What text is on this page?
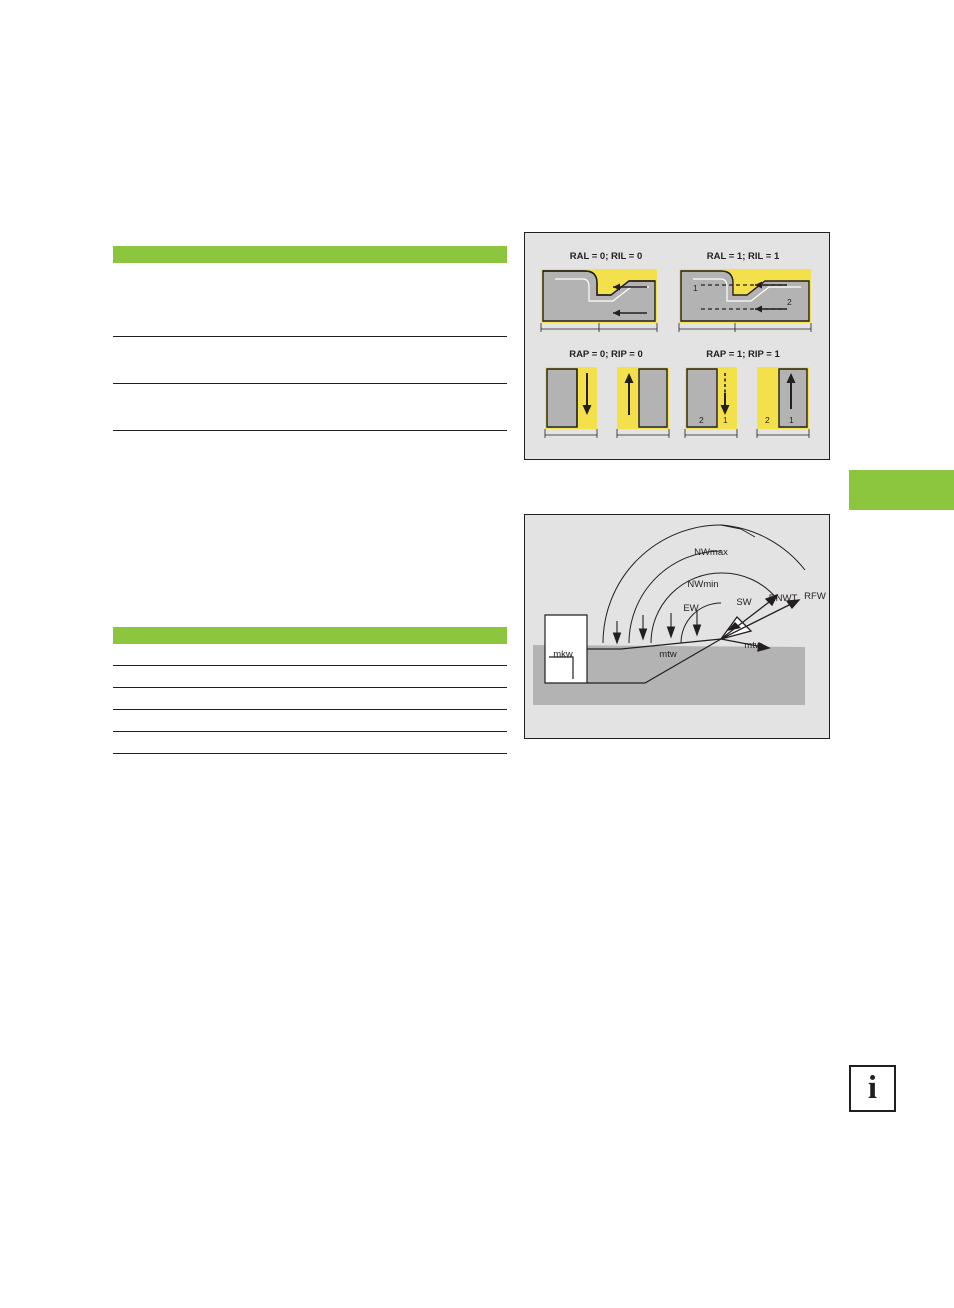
RAL = 0; RIL = 0	RAL = 1; RIL = 1
1
2
RAP = 0; RIP = 0	RAP = 1; RIP = 1
2 1	2 1
NWmax
NWmin
EW
SW RNWT RFW
mkw	mtw
mtw
i
